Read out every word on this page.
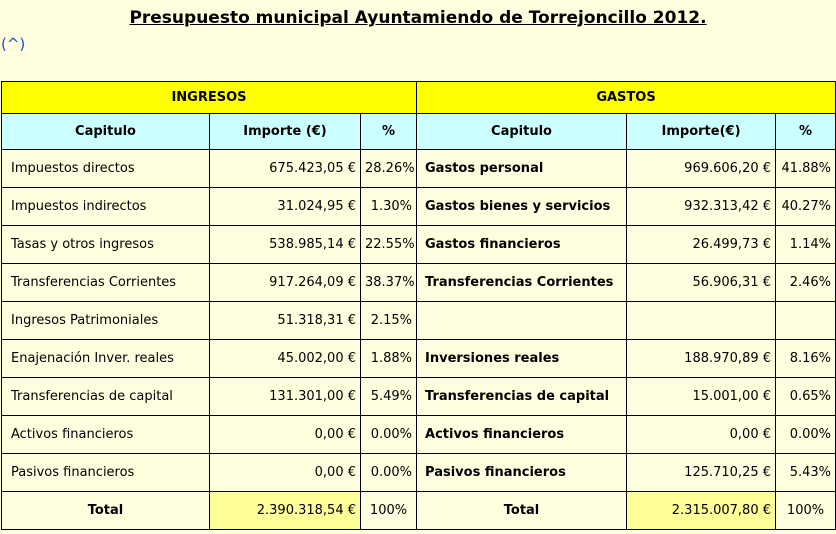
Presupuesto municipal Ayuntamiendo de Torrejoncillo 2012.
(^)
INGRESOS			GASTOS		
Capitulo	Importe (€)	%	Capitulo	Importe(€)	%
Impuestos directos	675.423,05 €	28.26%	Gastos personal	969.606,20 €	41.88%
Impuestos indirectos	31.024,95 €	1.30%	Gastos bienes y servicios	932.313,42 €	40.27%
Tasas y otros ingresos	538.985,14 €	22.55%	Gastos financieros	26.499,73 €	1.14%
Transferencias Corrientes	917.264,09 €	38.37%	Transferencias Corrientes	56.906,31 €	2.46%
Ingresos Patrimoniales	51.318,31 €	2.15%			
Enajenación Inver. reales	45.002,00 €	1.88%	Inversiones reales	188.970,89 €	8.16%
Transferencias de capital	131.301,00 €	5.49%	Transferencias de capital	15.001,00 €	0.65%
Activos financieros	0,00 €	0.00%	Activos financieros	0,00 €	0.00%
Pasivos financieros	0,00 €	0.00%	Pasivos financieros	125.710,25 €	5.43%
Total	2.390.318,54 €	100%	Total	2.315.007,80 €	100%
